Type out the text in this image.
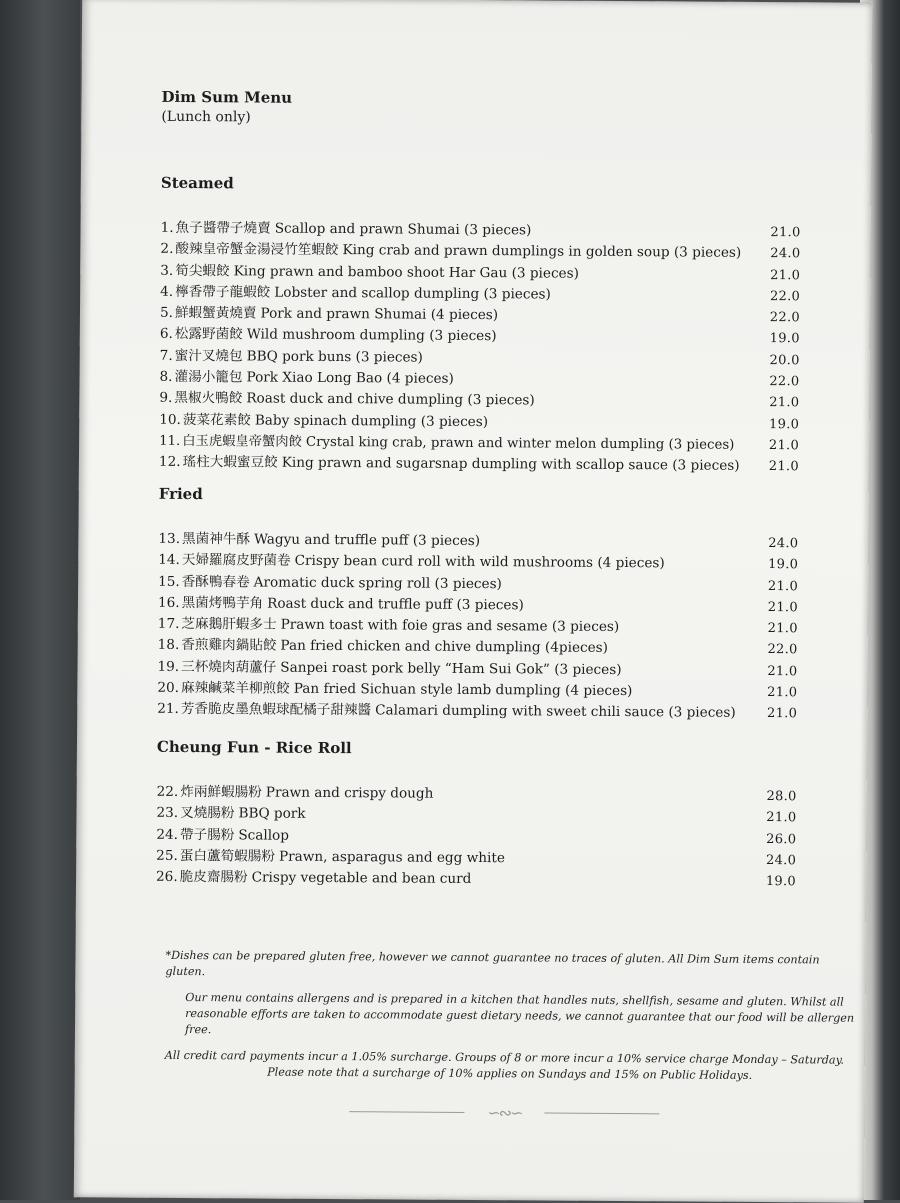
Dim Sum Menu
(Lunch only)
Steamed
1. 魚子醬帶子燒賣 Scallop and prawn Shumai (3 pieces)	21.0
2. 酸辣皇帝蟹金湯浸竹笙蝦餃 King crab and prawn dumplings in golden soup (3 pieces) 24.0
3. 筍尖蝦餃 King prawn and bamboo shoot Har Gau (3 pieces)	21.0
4. 檸香帶子龍蝦餃 Lobster and scallop dumpling (3 pieces)	22.0
5. 鮮蝦蟹黃燒賣 Pork and prawn Shumai (4 pieces)	22.0
6. 松露野菌餃 Wild mushroom dumpling (3 pieces)	19.0
7. 蜜汁叉燒包 BBQ pork buns (3 pieces)	20.0
8. 灌湯小籠包 Pork Xiao Long Bao (4 pieces)	22.0
9. 黑椒火鴨餃 Roast duck and chive dumpling (3 pieces)	21.0
10. 菠菜花素餃 Baby spinach dumpling (3 pieces)	19.0
11. 白玉虎蝦皇帝蟹肉餃 Crystal king crab, prawn and winter melon dumpling (3 pieces)	21.0
12. 瑤柱大蝦蜜豆餃 King prawn and sugarsnap dumpling with scallop sauce (3 pieces) 21.0
Fried
13. 黑菌神牛酥 Wagyu and truffle puff (3 pieces)	24.0
14. 天婦羅腐皮野菌卷 Crispy bean curd roll with wild mushrooms (4 pieces)	19.0
15. 香酥鴨春卷 Aromatic duck spring roll (3 pieces)	21.0
16. 黑菌烤鴨芋角 Roast duck and truffle puff (3 pieces)	21.0
17. 芝麻鵝肝蝦多士 Prawn toast with foie gras and sesame (3 pieces)	21.0
18. 香煎雞肉鍋貼餃 Pan fried chicken and chive dumpling (4pieces)	22.0
19. 三杯燒肉葫蘆仔 Sanpei roast pork belly “Ham Sui Gok” (3 pieces)	21.0
20. 麻辣鹹菜羊柳煎餃 Pan fried Sichuan style lamb dumpling (4 pieces)	21.0
21. 芳香脆皮墨魚蝦球配橘子甜辣醬 Calamari dumpling with sweet chili sauce (3 pieces) 21.0
Cheung Fun - Rice Roll
22. 炸兩鮮蝦腸粉 Prawn and crispy dough	28.0
23. 叉燒腸粉 BBQ pork	21.0
24. 帶子腸粉 Scallop	26.0
25. 蛋白蘆筍蝦腸粉 Prawn, asparagus and egg white	24.0
26. 脆皮齋腸粉 Crispy vegetable and bean curd	19.0
*Dishes can be prepared gluten free, however we cannot guarantee no traces of gluten. All Dim Sum items contain gluten.
Our menu contains allergens and is prepared in a kitchen that handles nuts, shellfish, sesame and gluten. Whilst all reasonable efforts are taken to accommodate guest dietary needs, we cannot guarantee that our food will be allergen free.
All credit card payments incur a 1.05% surcharge. Groups of 8 or more incur a 10% service charge Monday – Saturday.
Please note that a surcharge of 10% applies on Sundays and 15% on Public Holidays.
∽∾∽
